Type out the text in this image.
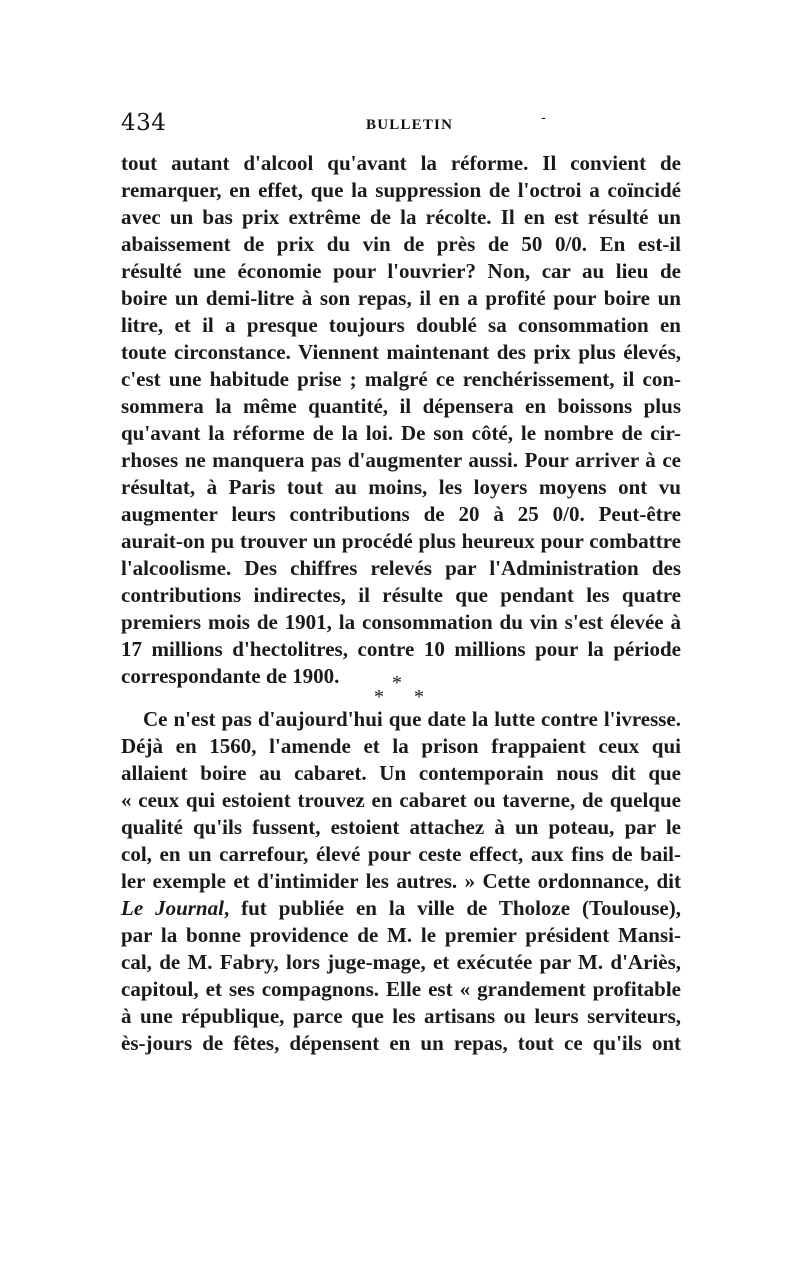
434	BULLETIN	-
tout autant d'alcool qu'avant la réforme. Il convient de
remarquer, en effet, que la suppression de l'octroi a coïncidé
avec un bas prix extrême de la récolte. Il en est résulté un
abaissement de prix du vin de près de 50 0/0. En est-il
résulté une économie pour l'ouvrier? Non, car au lieu de
boire un demi-litre à son repas, il en a profité pour boire un
litre, et il a presque toujours doublé sa consommation en
toute circonstance. Viennent maintenant des prix plus élevés,
c'est une habitude prise ; malgré ce renchérissement, il con-
sommera la même quantité, il dépensera en boissons plus
qu'avant la réforme de la loi. De son côté, le nombre de cir-
rhoses ne manquera pas d'augmenter aussi. Pour arriver à ce
résultat, à Paris tout au moins, les loyers moyens ont vu
augmenter leurs contributions de 20 à 25 0/0. Peut-être
aurait-on pu trouver un procédé plus heureux pour combattre
l'alcoolisme. Des chiffres relevés par l'Administration des
contributions indirectes, il résulte que pendant les quatre
premiers mois de 1901, la consommation du vin s'est élevée à
17 millions d'hectolitres, contre 10 millions pour la période
correspondante de 1900.	*
* *
Ce n'est pas d'aujourd'hui que date la lutte contre l'ivresse.
Déjà en 1560, l'amende et la prison frappaient ceux qui
allaient boire au cabaret. Un contemporain nous dit que
« ceux qui estoient trouvez en cabaret ou taverne, de quelque
qualité qu'ils fussent, estoient attachez à un poteau, par le
col, en un carrefour, élevé pour ceste effect, aux fins de bail-
ler exemple et d'intimider les autres. » Cette ordonnance, dit
Le Journal, fut publiée en la ville de Tholoze (Toulouse),
par la bonne providence de M. le premier président Mansi-
cal, de M. Fabry, lors juge-mage, et exécutée par M. d'Ariès,
capitoul, et ses compagnons. Elle est « grandement profitable
à une république, parce que les artisans ou leurs serviteurs,
ès-jours de fêtes, dépensent en un repas, tout ce qu'ils ont
